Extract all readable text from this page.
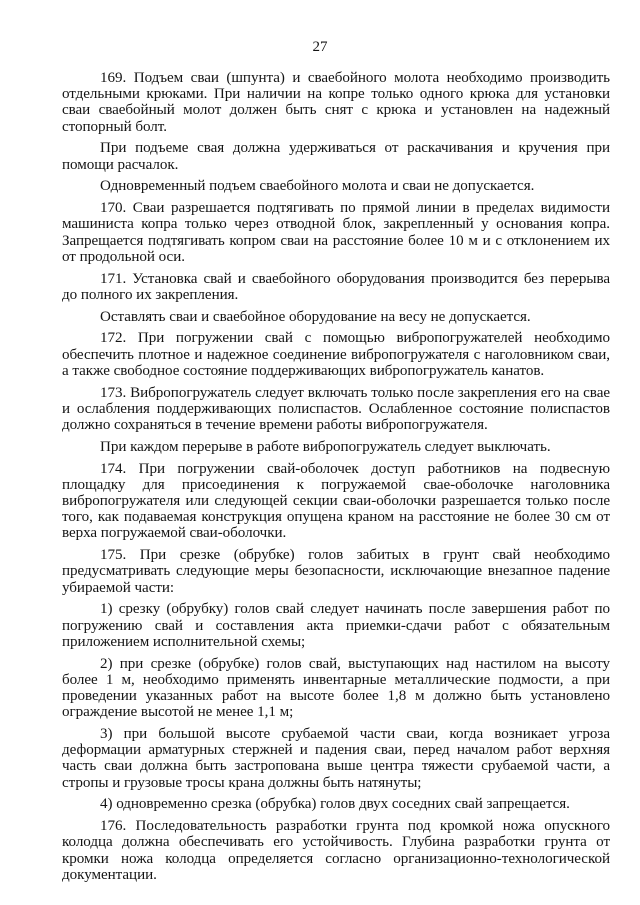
27

169. Подъем сваи (шпунта) и сваебойного молота необходимо производить отдельными крюками. При наличии на копре только одного крюка для установки сваи сваебойный молот должен быть снят с крюка и установлен на надежный стопорный болт.

При подъеме свая должна удерживаться от раскачивания и кручения при помощи расчалок.

Одновременный подъем сваебойного молота и сваи не допускается.

170. Сваи разрешается подтягивать по прямой линии в пределах видимости машиниста копра только через отводной блок, закрепленный у основания копра. Запрещается подтягивать копром сваи на расстояние более 10 м и с отклонением их от продольной оси.

171. Установка свай и сваебойного оборудования производится без перерыва до полного их закрепления.

Оставлять сваи и сваебойное оборудование на весу не допускается.

172. При погружении свай с помощью вибропогружателей необходимо обеспечить плотное и надежное соединение вибропогружателя с наголовником сваи, а также свободное состояние поддерживающих вибропогружатель канатов.

173. Вибропогружатель следует включать только после закрепления его на свае и ослабления поддерживающих полиспастов. Ослабленное состояние полиспастов должно сохраняться в течение времени работы вибропогружателя.

При каждом перерыве в работе вибропогружатель следует выключать.

174. При погружении свай-оболочек доступ работников на подвесную площадку для присоединения к погружаемой свае-оболочке наголовника вибропогружателя или следующей секции сваи-оболочки разрешается только после того, как подаваемая конструкция опущена краном на расстояние не более 30 см от верха погружаемой сваи-оболочки.

175. При срезке (обрубке) голов забитых в грунт свай необходимо предусматривать следующие меры безопасности, исключающие внезапное падение убираемой части:

1) срезку (обрубку) голов свай следует начинать после завершения работ по погружению свай и составления акта приемки-сдачи работ с обязательным приложением исполнительной схемы;

2) при срезке (обрубке) голов свай, выступающих над настилом на высоту более 1 м, необходимо применять инвентарные металлические подмости, а при проведении указанных работ на высоте более 1,8 м должно быть установлено ограждение высотой не менее 1,1 м;

3) при большой высоте срубаемой части сваи, когда возникает угроза деформации арматурных стержней и падения сваи, перед началом работ верхняя часть сваи должна быть застропована выше центра тяжести срубаемой части, а стропы и грузовые тросы крана должны быть натянуты;

4) одновременно срезка (обрубка) голов двух соседних свай запрещается.

176. Последовательность разработки грунта под кромкой ножа опускного колодца должна обеспечивать его устойчивость. Глубина разработки грунта от кромки ножа колодца определяется согласно организационно-технологической документации.
